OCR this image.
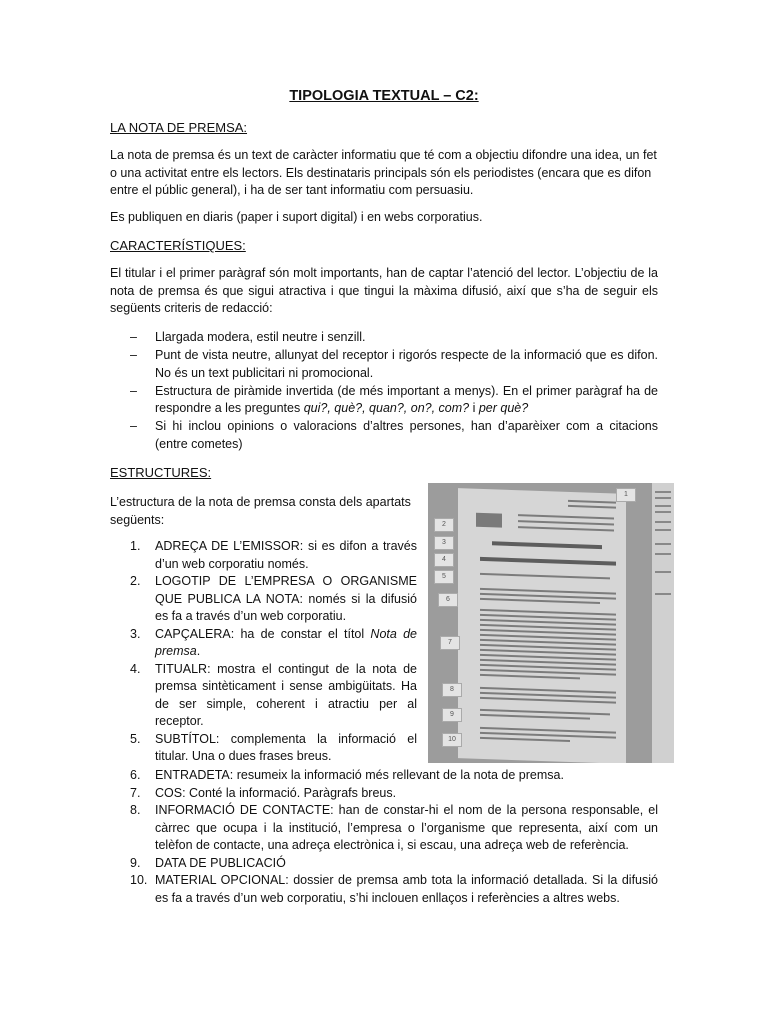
TIPOLOGIA TEXTUAL – C2:
LA NOTA DE PREMSA:

La nota de premsa és un text de caràcter informatiu que té com a objectiu difondre una idea, un fet o una activitat entre els lectors. Els destinataris principals són els periodistes (encara que es difon entre el públic general), i ha de ser tant informatiu com persuasiu.

Es publiquen en diaris (paper i suport digital) i en webs corporatius.

CARACTERÍSTIQUES:

El titular i el primer paràgraf són molt importants, han de captar l’atenció del lector. L’objectiu de la nota de premsa és que sigui atractiva i que tingui la màxima difusió, així que s’ha de seguir els següents criteris de redacció:

– Llargada modera, estil neutre i senzill.
– Punt de vista neutre, allunyat del receptor i rigorós respecte de la informació que es difon. No és un text publicitari ni promocional.
– Estructura de piràmide invertida (de més important a menys). En el primer paràgraf ha de respondre a les preguntes qui?, què?, quan?, on?, com? i per què?
– Si hi inclou opinions o valoracions d’altres persones, han d’aparèixer com a citacions (entre cometes)
ESTRUCTURES:

L’estructura de la nota de premsa consta dels apartats següents:

1. ADREÇA DE L’EMISSOR: si es difon a través d’un web corporatiu només.
2. LOGOTIP DE L’EMPRESA O ORGANISME QUE PUBLICA LA NOTA: només si la difusió es fa a través d’un web corporatiu.
3. CAPÇALERA: ha de constar el títol Nota de premsa.
4. TITUALR: mostra el contingut de la nota de premsa sintèticament i sense ambigüitats. Ha de ser simple, coherent i atractiu per al receptor.
5. SUBTÍTOL: complementa la informació el titular. Una o dues frases breus.
6. ENTRADETA: resumeix la informació més rellevant de la nota de premsa.
7. COS: Conté la informació. Paràgrafs breus.
8. INFORMACIÓ DE CONTACTE: han de constar-hi el nom de la persona responsable, el càrrec que ocupa i la institució, l’empresa o l’organisme que representa, així com un telèfon de contacte, una adreça electrònica i, si escau, una adreça web de referència.
9. DATA DE PUBLICACIÓ
10. MATERIAL OPCIONAL: dossier de premsa amb tota la informació detallada. Si la difusió es fa a través d’un web corporatiu, s’hi inclouen enllaços i referències a altres webs.
1
2
3
4
5
6
7
8
9
10
